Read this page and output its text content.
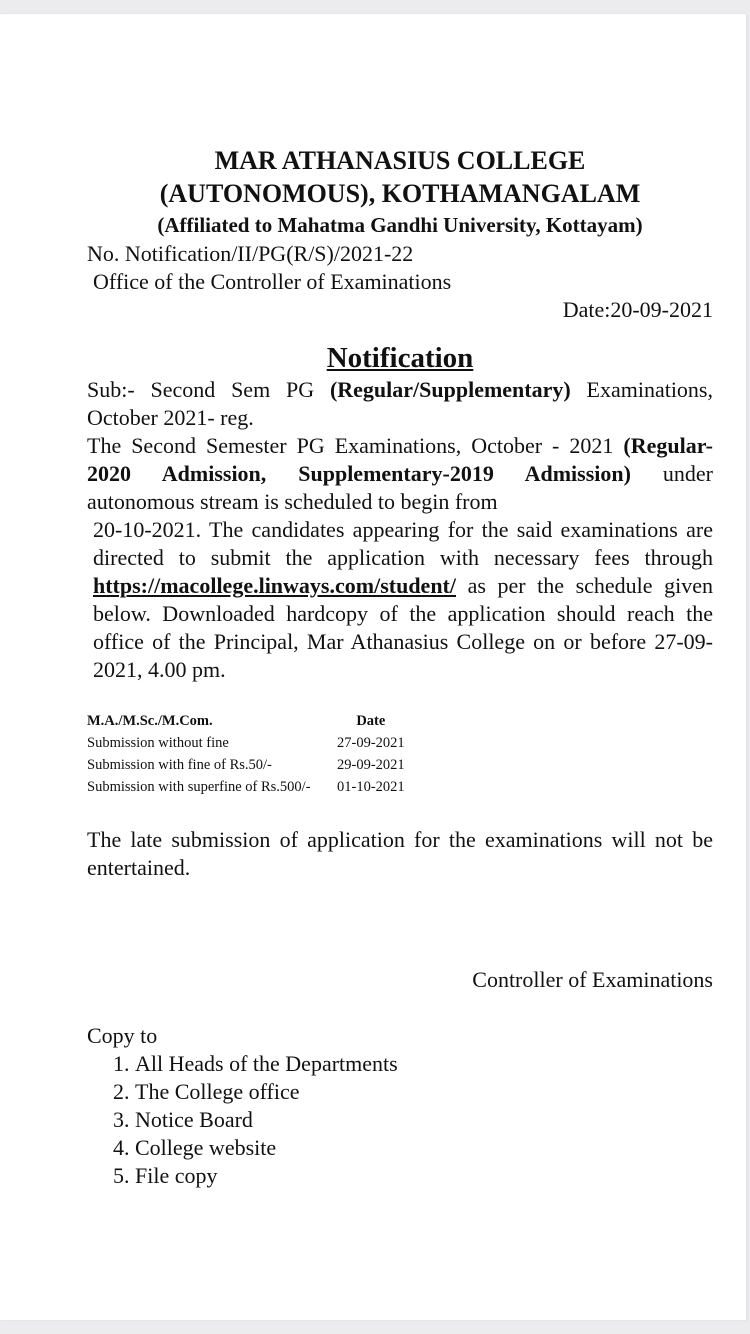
MAR ATHANASIUS COLLEGE
(AUTONOMOUS), KOTHAMANGALAM
(Affiliated to Mahatma Gandhi University, Kottayam)
No. Notification/II/PG(R/S)/2021-22
Office of the Controller of Examinations
Date:20-09-2021
Notification
Sub:- Second Sem PG (Regular/Supplementary) Examinations, October 2021- reg.
The Second Semester PG Examinations, October - 2021 (Regular-2020 Admission, Supplementary-2019 Admission) under autonomous stream is scheduled to begin from
20-10-2021. The candidates appearing for the said examinations are directed to submit the application with necessary fees through https://macollege.linways.com/student/ as per the schedule given below. Downloaded hardcopy of the application should reach the office of the Principal, Mar Athanasius College on or before 27-09-2021, 4.00 pm.
M.A./M.Sc./M.Com.	Date
Submission without fine	27-09-2021
Submission with fine of Rs.50/-	29-09-2021
Submission with superfine of Rs.500/-	01-10-2021
The late submission of application for the examinations will not be entertained.
Controller of Examinations
Copy to
1. All Heads of the Departments
2. The College office
3. Notice Board
4. College website
5. File copy
